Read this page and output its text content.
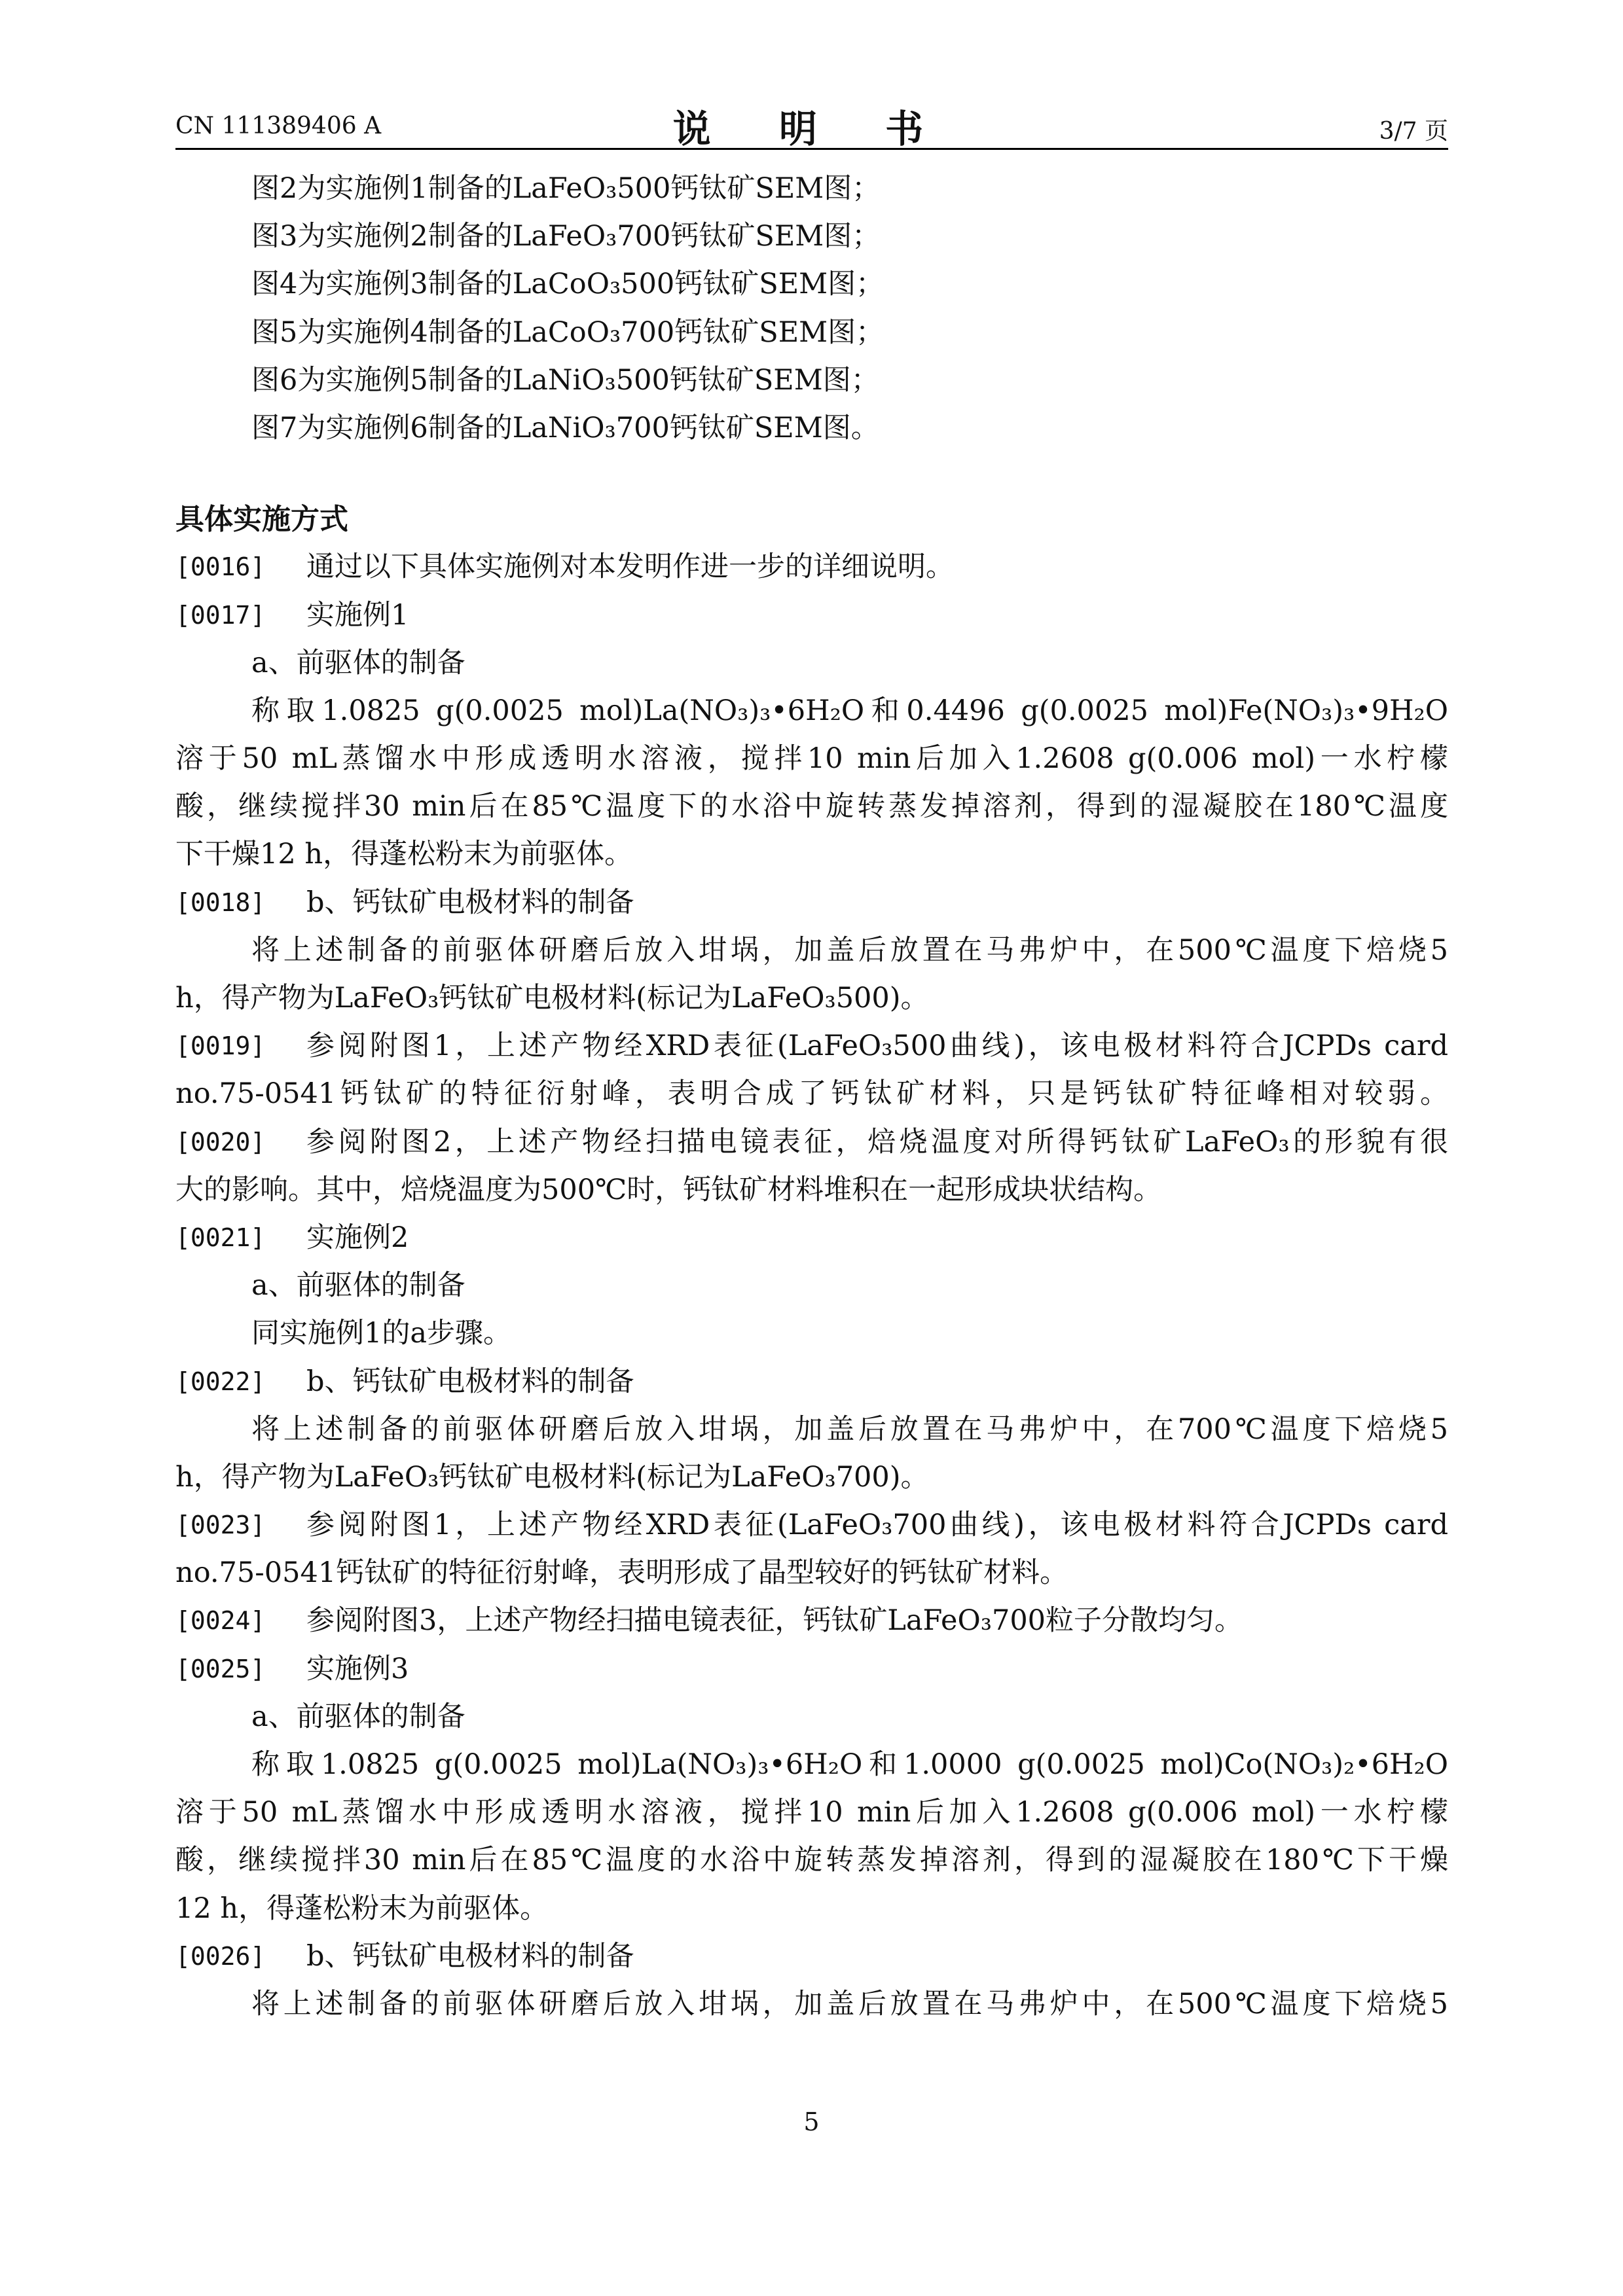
CN 111389406 A	说 明 书	3/7 页
图2为实施例1制备的LaFeO₃500钙钛矿SEM图；
图3为实施例2制备的LaFeO₃700钙钛矿SEM图；
图4为实施例3制备的LaCoO₃500钙钛矿SEM图；
图5为实施例4制备的LaCoO₃700钙钛矿SEM图；
图6为实施例5制备的LaNiO₃500钙钛矿SEM图；
图7为实施例6制备的LaNiO₃700钙钛矿SEM图。
具体实施方式
[0016]	通过以下具体实施例对本发明作进一步的详细说明。
[0017]	实施例1
a、前驱体的制备
称取1.0825 g(0.0025 mol)La(NO₃)₃•6H₂O和0.4496 g(0.0025 mol)Fe(NO₃)₃•9H₂O
溶于50 mL蒸馏水中形成透明水溶液，搅拌10 min后加入1.2608 g(0.006 mol)一水柠檬
酸，继续搅拌30 min后在85℃温度下的水浴中旋转蒸发掉溶剂，得到的湿凝胶在180℃温度
下干燥12 h，得蓬松粉末为前驱体。
[0018]	b、钙钛矿电极材料的制备
将上述制备的前驱体研磨后放入坩埚，加盖后放置在马弗炉中，在500℃温度下焙烧5
h，得产物为LaFeO₃钙钛矿电极材料(标记为LaFeO₃500)。
[0019]	参阅附图1，上述产物经XRD表征(LaFeO₃500曲线)，该电极材料符合JCPDs card
no.75-0541钙钛矿的特征衍射峰，表明合成了钙钛矿材料，只是钙钛矿特征峰相对较弱。
[0020]	参阅附图2，上述产物经扫描电镜表征，焙烧温度对所得钙钛矿LaFeO₃的形貌有很
大的影响。其中，焙烧温度为500℃时，钙钛矿材料堆积在一起形成块状结构。
[0021]	实施例2
a、前驱体的制备
同实施例1的a步骤。
[0022]	b、钙钛矿电极材料的制备
将上述制备的前驱体研磨后放入坩埚，加盖后放置在马弗炉中，在700℃温度下焙烧5
h，得产物为LaFeO₃钙钛矿电极材料(标记为LaFeO₃700)。
[0023]	参阅附图1，上述产物经XRD表征(LaFeO₃700曲线)，该电极材料符合JCPDs card
no.75-0541钙钛矿的特征衍射峰，表明形成了晶型较好的钙钛矿材料。
[0024]	参阅附图3，上述产物经扫描电镜表征，钙钛矿LaFeO₃700粒子分散均匀。
[0025]	实施例3
a、前驱体的制备
称取1.0825 g(0.0025 mol)La(NO₃)₃•6H₂O和1.0000 g(0.0025 mol)Co(NO₃)₂•6H₂O
溶于50 mL蒸馏水中形成透明水溶液，搅拌10 min后加入1.2608 g(0.006 mol)一水柠檬
酸，继续搅拌30 min后在85℃温度的水浴中旋转蒸发掉溶剂，得到的湿凝胶在180℃下干燥
12 h，得蓬松粉末为前驱体。
[0026]	b、钙钛矿电极材料的制备
将上述制备的前驱体研磨后放入坩埚，加盖后放置在马弗炉中，在500℃温度下焙烧5
5
